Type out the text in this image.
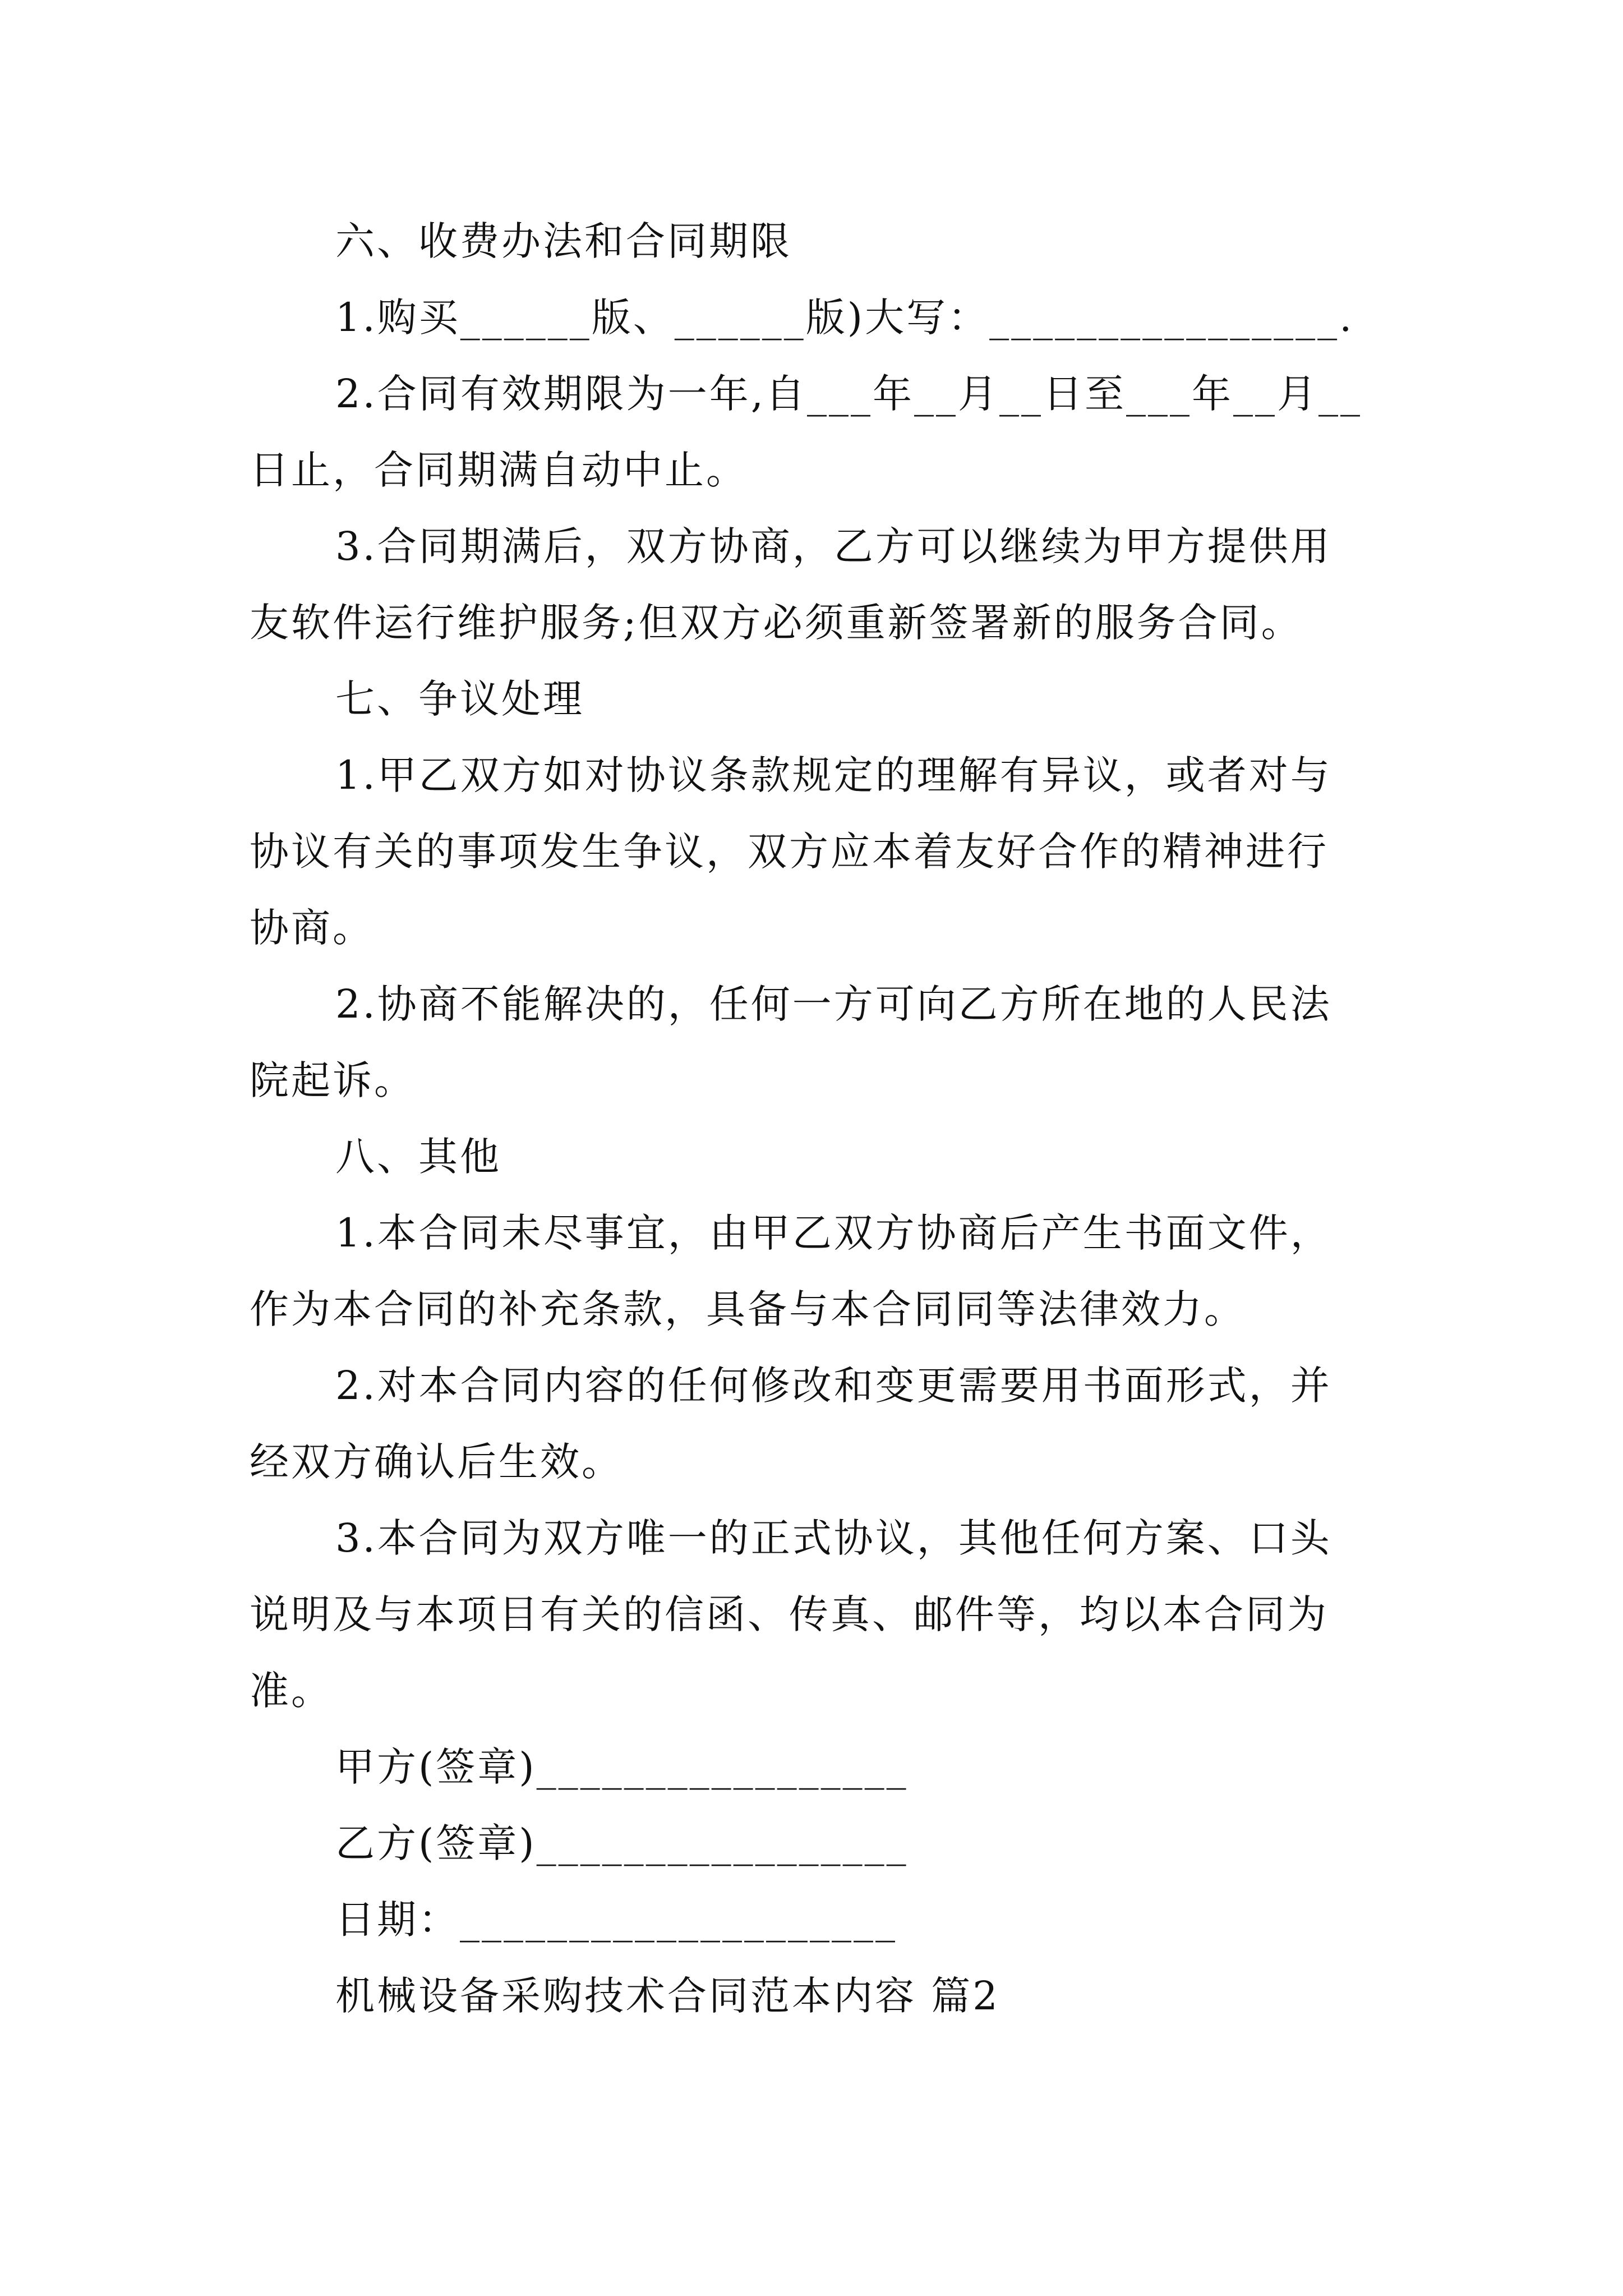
六、收费办法和合同期限
1.购买______版、______版)大写：________________.
2.合同有效期限为一年,自___年__月__日至___年__月__
日止，合同期满自动中止。
3.合同期满后，双方协商，乙方可以继续为甲方提供用
友软件运行维护服务;但双方必须重新签署新的服务合同。
七、争议处理
1.甲乙双方如对协议条款规定的理解有异议，或者对与
协议有关的事项发生争议，双方应本着友好合作的精神进行
协商。
2.协商不能解决的，任何一方可向乙方所在地的人民法
院起诉。
八、其他
1.本合同未尽事宜，由甲乙双方协商后产生书面文件，
作为本合同的补充条款，具备与本合同同等法律效力。
2.对本合同内容的任何修改和变更需要用书面形式，并
经双方确认后生效。
3.本合同为双方唯一的正式协议，其他任何方案、口头
说明及与本项目有关的信函、传真、邮件等，均以本合同为
准。
甲方(签章)_________________
乙方(签章)_________________
日期：____________________
机械设备采购技术合同范本内容 篇2
